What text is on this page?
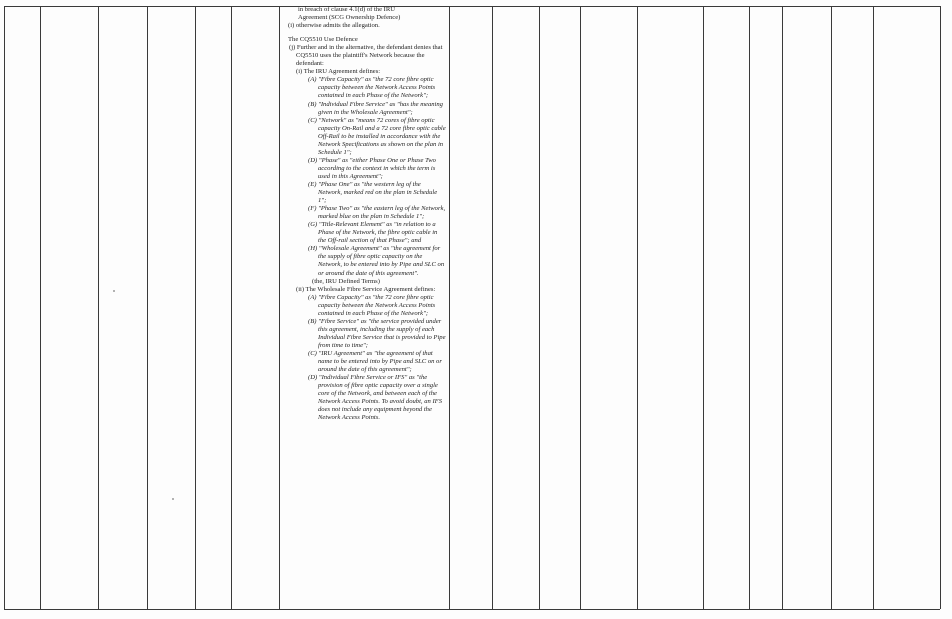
in breach of clause 4.1(d) of the IRU

Agreement (SCG Ownership Defence)

(i) otherwise admits the allegation.

The CQ5510 Use Defence

(j) Further and in the alternative, the defendant denies that CQ5510 uses the plaintiff's Network because the defendant:

(i) The IRU Agreement defines:

(A) "Fibre Capacity" as "the 72 core fibre optic capacity between the Network Access Points contained in each Phase of the Network";

(B) "Individual Fibre Service" as "has the meaning given in the Wholesale Agreement";

(C) "Network" as "means 72 cores of fibre optic capacity On-Rail and a 72 core fibre optic cable Off-Rail to be installed in accordance with the Network Specifications as shown on the plan in Schedule 1";

(D) "Phase" as "either Phase One or Phase Two according to the context in which the term is used in this Agreement";

(E) "Phase One" as "the western leg of the Network, marked red on the plan in Schedule 1";

(F) "Phase Two" as "the eastern leg of the Network, marked blue on the plan in Schedule 1";

(G) "Title-Relevant Element" as "in relation to a Phase of the Network, the fibre optic cable in the Off-rail section of that Phase"; and

(H) "Wholesale Agreement" as "the agreement for the supply of fibre optic capacity on the Network, to be entered into by Pipe and SLC on or around the date of this agreement".

(the, IRU Defined Terms)

(ii) The Wholesale Fibre Service Agreement defines:

(A) "Fibre Capacity" as "the 72 core fibre optic capacity between the Network Access Points contained in each Phase of the Network";

(B) "Fibre Service" as "the service provided under this agreement, including the supply of each Individual Fibre Service that is provided to Pipe from time to time";

(C) "IRU Agreement" as "the agreement of that name to be entered into by Pipe and SLC on or around the date of this agreement";

(D) "Individual Fibre Service or IFS" as "the provision of fibre optic capacity over a single core of the Network, and between each of the Network Access Points. To avoid doubt, an IFS does not include any equipment beyond the Network Access Points.
